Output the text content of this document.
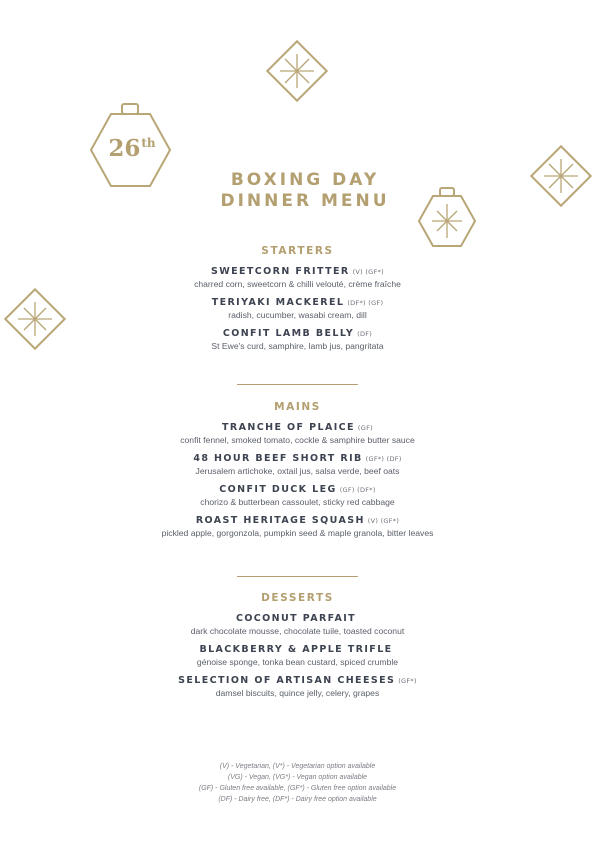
26th
BOXING DAY
DINNER MENU
STARTERS
SWEETCORN FRITTER (V) (GF*)
charred corn, sweetcorn & chilli velouté, crème fraîche
TERIYAKI MACKEREL (DF*) (GF)
radish, cucumber, wasabi cream, dill
CONFIT LAMB BELLY (DF)
St Ewe's curd, samphire, lamb jus, pangritata
MAINS
TRANCHE OF PLAICE (GF)
confit fennel, smoked tomato, cockle & samphire butter sauce
48 HOUR BEEF SHORT RIB (GF*) (DF)
Jerusalem artichoke, oxtail jus, salsa verde, beef oats
CONFIT DUCK LEG (GF) (DF*)
chorizo & butterbean cassoulet, sticky red cabbage
ROAST HERITAGE SQUASH (V) (GF*)
pickled apple, gorgonzola, pumpkin seed & maple granola, bitter leaves
DESSERTS
COCONUT PARFAIT
dark chocolate mousse, chocolate tuile, toasted coconut
BLACKBERRY & APPLE TRIFLE
génoise sponge, tonka bean custard, spiced crumble
SELECTION OF ARTISAN CHEESES (GF*)
damsel biscuits, quince jelly, celery, grapes
(V) - Vegetarian, (V*) - Vegetarian option available
(VG) - Vegan, (VG*) - Vegan option available
(GF) - Gluten free available, (GF*) - Gluten free option available
(DF) - Dairy free, (DF*) - Dairy free option available
